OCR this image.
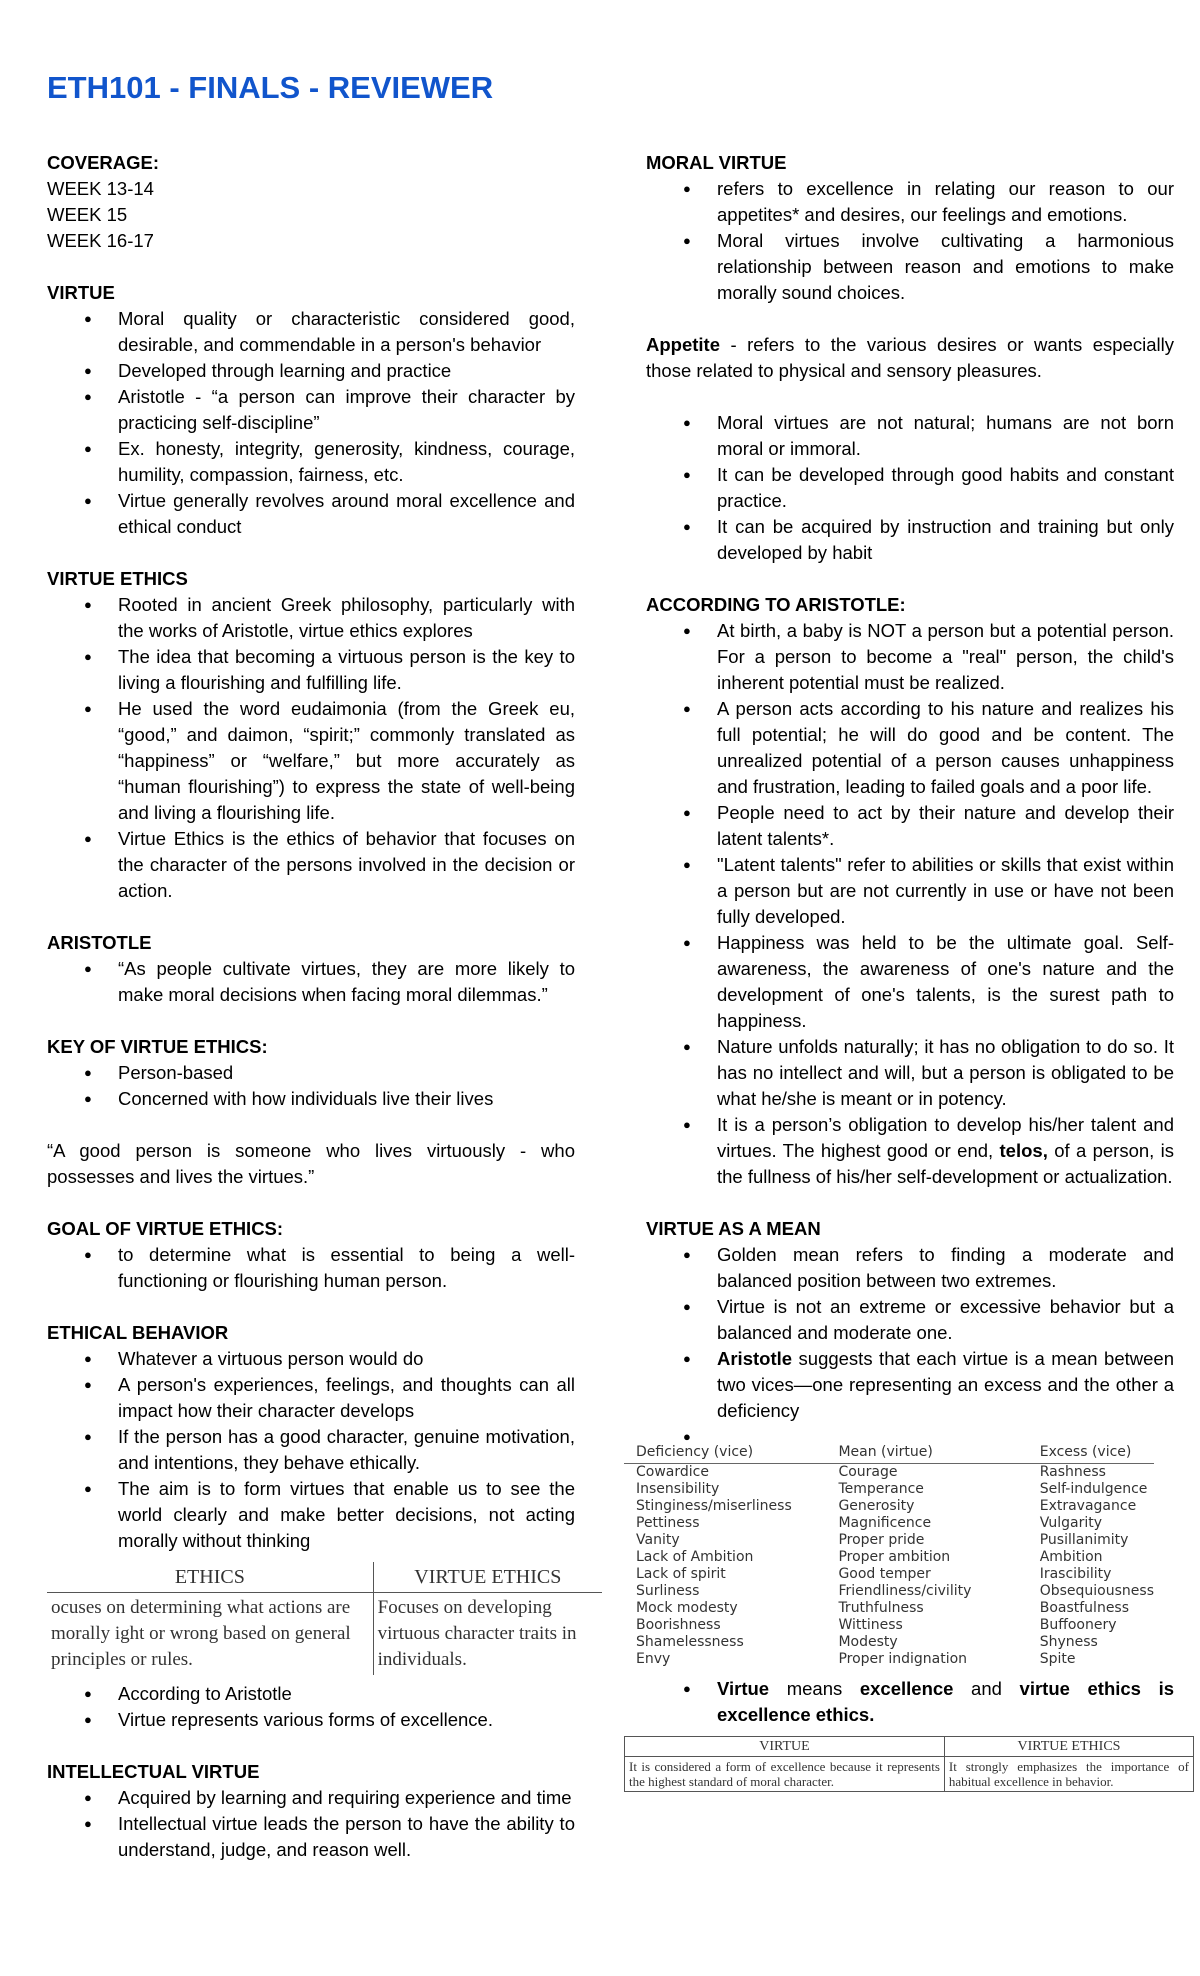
ETH101 - FINALS - REVIEWER
COVERAGE:
WEEK 13-14
WEEK 15
WEEK 16-17
VIRTUE
● Moral quality or characteristic considered good, desirable, and commendable in a person's behavior
● Developed through learning and practice
● Aristotle - “a person can improve their character by practicing self-discipline”
● Ex. honesty, integrity, generosity, kindness, courage, humility, compassion, fairness, etc.
● Virtue generally revolves around moral excellence and ethical conduct
VIRTUE ETHICS
● Rooted in ancient Greek philosophy, particularly with the works of Aristotle, virtue ethics explores
● The idea that becoming a virtuous person is the key to living a flourishing and fulfilling life.
● He used the word eudaimonia (from the Greek eu, “good,” and daimon, “spirit;” commonly translated as “happiness” or “welfare,” but more accurately as “human flourishing”) to express the state of well-being and living a flourishing life.
● Virtue Ethics is the ethics of behavior that focuses on the character of the persons involved in the decision or action.
ARISTOTLE
● “As people cultivate virtues, they are more likely to make moral decisions when facing moral dilemmas.”
KEY OF VIRTUE ETHICS:
● Person-based
● Concerned with how individuals live their lives
“A good person is someone who lives virtuously - who possesses and lives the virtues.”
GOAL OF VIRTUE ETHICS:
● to determine what is essential to being a well-functioning or flourishing human person.
ETHICAL BEHAVIOR
● Whatever a virtuous person would do
● A person's experiences, feelings, and thoughts can all impact how their character develops
● If the person has a good character, genuine motivation, and intentions, they behave ethically.
● The aim is to form virtues that enable us to see the world clearly and make better decisions, not acting morally without thinking
ETHICS	VIRTUE ETHICS
ocuses on determining what actions are morally ight or wrong based on general principles or rules.	Focuses on developing virtuous character traits in individuals.
● According to Aristotle
● Virtue represents various forms of excellence.
INTELLECTUAL VIRTUE
● Acquired by learning and requiring experience and time
● Intellectual virtue leads the person to have the ability to understand, judge, and reason well.
MORAL VIRTUE
● refers to excellence in relating our reason to our appetites* and desires, our feelings and emotions.
● Moral virtues involve cultivating a harmonious relationship between reason and emotions to make morally sound choices.
Appetite - refers to the various desires or wants especially those related to physical and sensory pleasures.
● Moral virtues are not natural; humans are not born moral or immoral.
● It can be developed through good habits and constant practice.
● It can be acquired by instruction and training but only developed by habit
ACCORDING TO ARISTOTLE:
● At birth, a baby is NOT a person but a potential person. For a person to become a "real" person, the child's inherent potential must be realized.
● A person acts according to his nature and realizes his full potential; he will do good and be content. The unrealized potential of a person causes unhappiness and frustration, leading to failed goals and a poor life.
● People need to act by their nature and develop their latent talents*.
● "Latent talents" refer to abilities or skills that exist within a person but are not currently in use or have not been fully developed.
● Happiness was held to be the ultimate goal. Self-awareness, the awareness of one's nature and the development of one's talents, is the surest path to happiness.
● Nature unfolds naturally; it has no obligation to do so. It has no intellect and will, but a person is obligated to be what he/she is meant or in potency.
● It is a person’s obligation to develop his/her talent and virtues. The highest good or end, telos, of a person, is the fullness of his/her self-development or actualization.
VIRTUE AS A MEAN
● Golden mean refers to finding a moderate and balanced position between two extremes.
● Virtue is not an extreme or excessive behavior but a balanced and moderate one.
● Aristotle suggests that each virtue is a mean between two vices—one representing an excess and the other a deficiency
●
Deficiency (vice)	Mean (virtue)	Excess (vice)
Cowardice	Courage	Rashness
Insensibility	Temperance	Self-indulgence
Stinginess/miserliness	Generosity	Extravagance
Pettiness	Magnificence	Vulgarity
Vanity	Proper pride	Pusillanimity
Lack of Ambition	Proper ambition	Ambition
Lack of spirit	Good temper	Irascibility
Surliness	Friendliness/civility	Obsequiousness
Mock modesty	Truthfulness	Boastfulness
Boorishness	Wittiness	Buffoonery
Shamelessness	Modesty	Shyness
Envy	Proper indignation	Spite
● Virtue means excellence and virtue ethics is excellence ethics.
VIRTUE	VIRTUE ETHICS
It is considered a form of excellence because it represents the highest standard of moral character.	It strongly emphasizes the importance of habitual excellence in behavior.
